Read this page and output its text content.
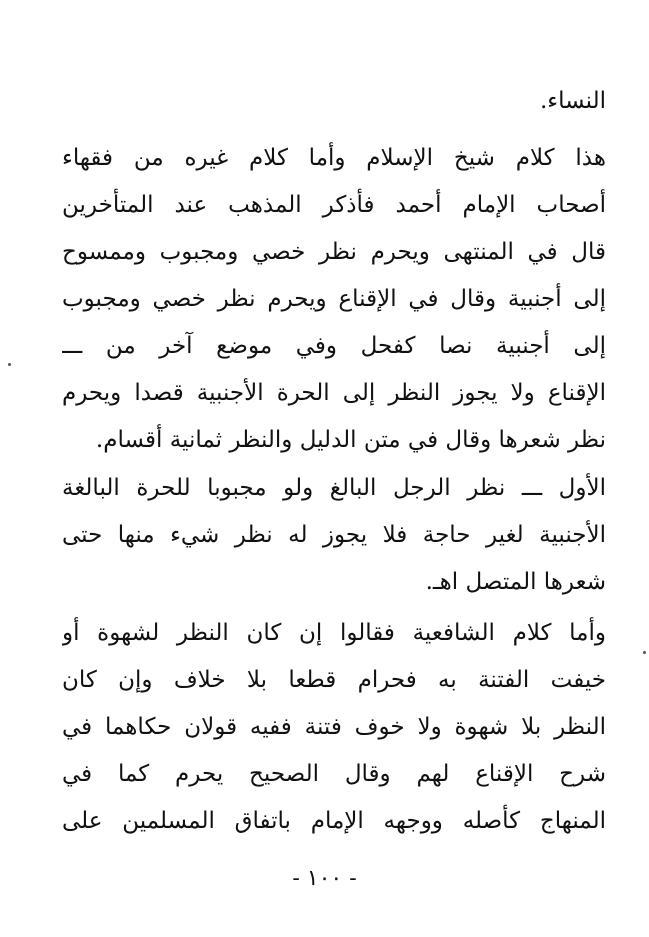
النساء.
هذا كلام شيخ الإسلام وأما كلام غيره من فقهاء
أصحاب الإمام أحمد فأذكر المذهب عند المتأخرين
قال في المنتهى ويحرم نظر خصي ومجبوب وممسوح
إلى أجنبية وقال في الإقناع ويحرم نظر خصي ومجبوب
إلى أجنبية نصا كفحل وفي موضع آخر من ـــ
الإقناع ولا يجوز النظر إلى الحرة الأجنبية قصدا ويحرم
نظر شعرها وقال في متن الدليل والنظر ثمانية أقسام.
الأول ـــ نظر الرجل البالغ ولو مجبوبا للحرة البالغة
الأجنبية لغير حاجة فلا يجوز له نظر شيء منها حتى
شعرها المتصل اهـ.
وأما كلام الشافعية فقالوا إن كان النظر لشهوة أو
خيفت الفتنة به فحرام قطعا بلا خلاف وإن كان
النظر بلا شهوة ولا خوف فتنة ففيه قولان حكاهما في
شرح الإقناع لهم وقال الصحيح يحرم كما في
المنهاج كأصله ووجهه الإمام باتفاق المسلمين على
- ١٠٠ -
